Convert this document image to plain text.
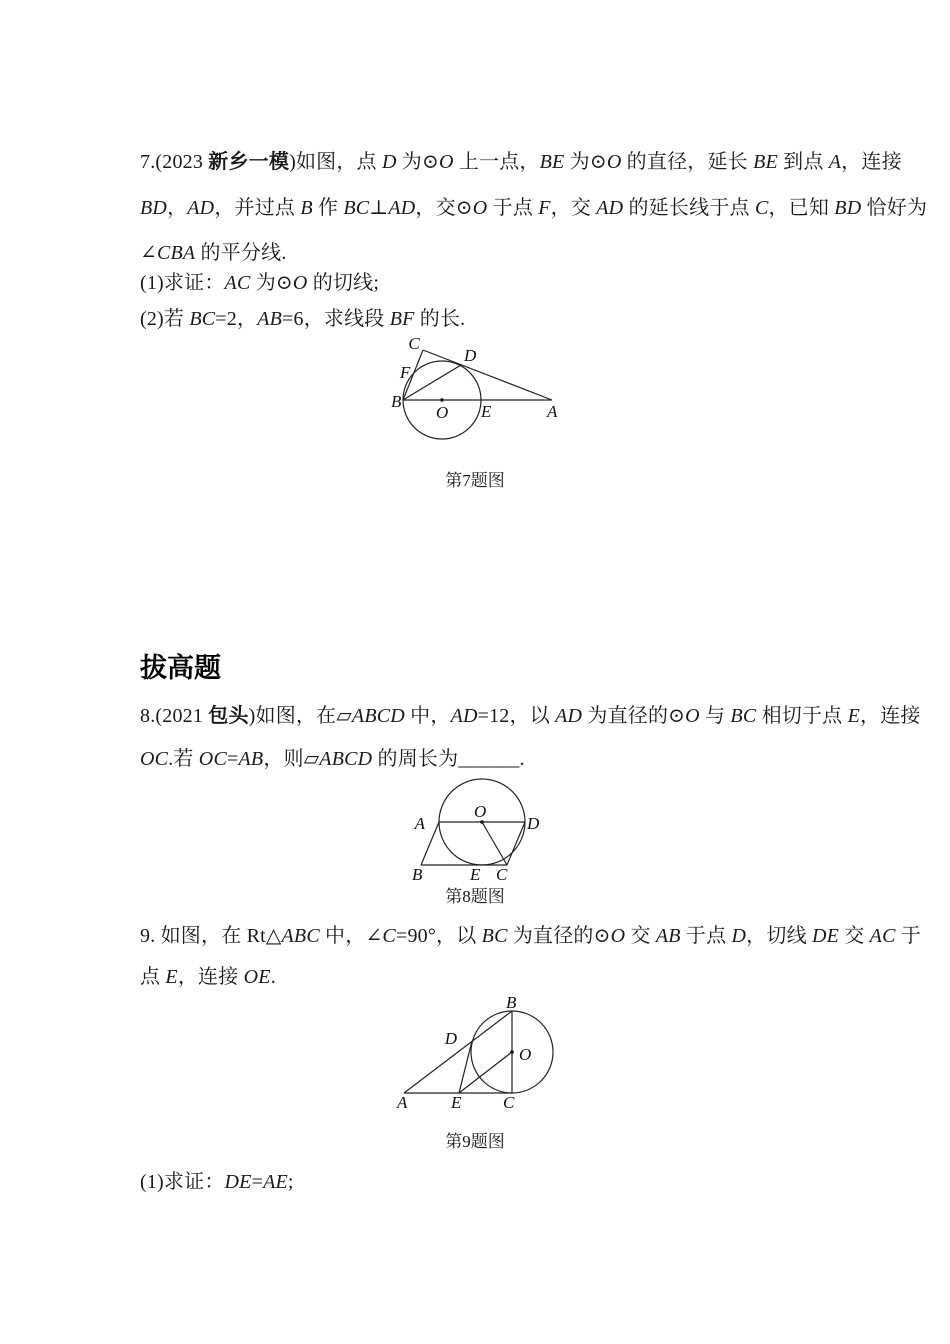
7.(2023 新乡一模)如图，点 D 为⊙O 上一点，BE 为⊙O 的直径，延长 BE 到点 A，连接
BD，AD，并过点 B 作 BC⊥AD，交⊙O 于点 F，交 AD 的延长线于点 C，已知 BD 恰好为
∠CBA 的平分线.
(1)求证：AC 为⊙O 的切线;
(2)若 BC=2，AB=6，求线段 BF 的长.
C
D
F
B
O E	A
第7题图
拔高题
8.(2021 包头)如图，在▱ABCD 中，AD=12，以 AD 为直径的⊙O 与 BC 相切于点 E，连接
OC.若 OC=AB，则▱ABCD 的周长为______.
A
O
D
B	E C
第8题图
9. 如图，在 Rt△ABC 中，∠C=90°，以 BC 为直径的⊙O 交 AB 于点 D，切线 DE 交 AC 于
点 E，连接 OE.
B
D
O
A	E C
第9题图
(1)求证：DE=AE;
